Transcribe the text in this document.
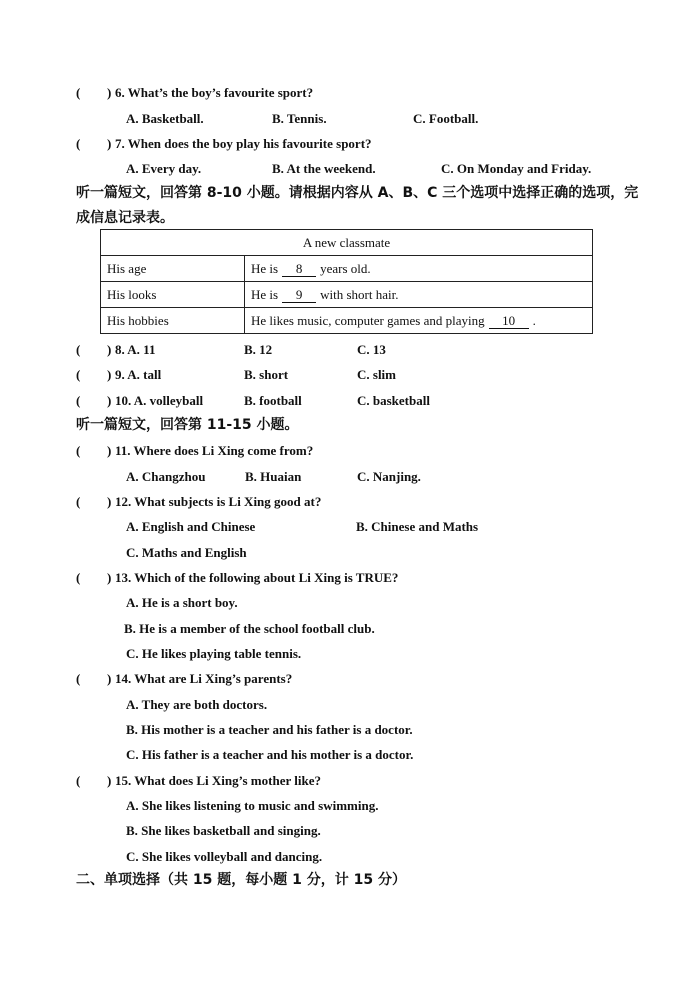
( ) 6. What’s the boy’s favourite sport?
A. Basketball.	B. Tennis.	C. Football.
( ) 7. When does the boy play his favourite sport?
A. Every day.	B. At the weekend.	C. On Monday and Friday.
听一篇短文，回答第 8-10 小题。请根据内容从 A、B、C 三个选项中选择正确的选项，完
成信息记录表。
A new classmate	
His age	He is 8 years old.
His looks	He is 9 with short hair.
His hobbies	He likes music, computer games and playing 10 .
( ) 8. A. 11	B. 12	C. 13
( ) 9. A. tall	B. short	C. slim
( ) 10. A. volleyball	B. football	C. basketball
听一篇短文，回答第 11-15 小题。
( ) 11. Where does Li Xing come from?
A. Changzhou	B. Huaian	C. Nanjing.
( ) 12. What subjects is Li Xing good at?
A. English and Chinese	B. Chinese and Maths
C. Maths and English
( ) 13. Which of the following about Li Xing is TRUE?
A. He is a short boy.
B. He is a member of the school football club.
C. He likes playing table tennis.
( ) 14. What are Li Xing’s parents?
A. They are both doctors.
B. His mother is a teacher and his father is a doctor.
C. His father is a teacher and his mother is a doctor.
( ) 15. What does Li Xing’s mother like?
A. She likes listening to music and swimming.
B. She likes basketball and singing.
C. She likes volleyball and dancing.
二、单项选择（共 15 题，每小题 1 分，计 15 分）
